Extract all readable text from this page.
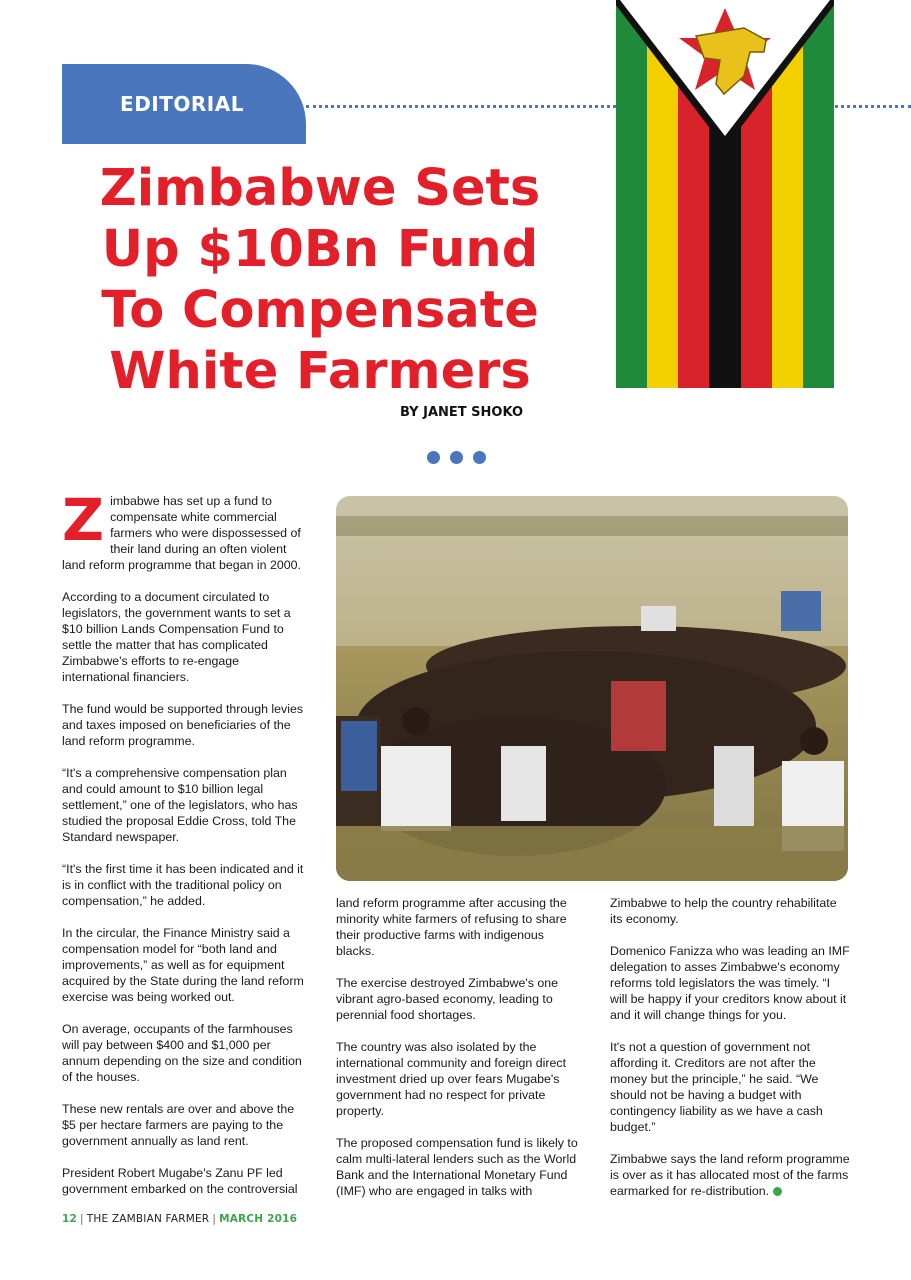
EDITORIAL
Zimbabwe Sets Up $10Bn Fund To Compensate White Farmers
BY JANET SHOKO

Zimbabwe has set up a fund to compensate white commercial farmers who were dispossessed of their land during an often violent land reform programme that began in 2000.

According to a document circulated to legislators, the government wants to set a $10 billion Lands Compensation Fund to settle the matter that has complicated Zimbabwe's efforts to re-engage international financiers.

The fund would be supported through levies and taxes imposed on beneficiaries of the land reform programme.

“It's a comprehensive compensation plan and could amount to $10 billion legal settlement,” one of the legislators, who has studied the proposal Eddie Cross, told The Standard newspaper.

“It's the first time it has been indicated and it is in conflict with the traditional policy on compensation,” he added.

In the circular, the Finance Ministry said a compensation model for “both land and improvements,” as well as for equipment acquired by the State during the land reform exercise was being worked out.

On average, occupants of the farmhouses will pay between $400 and $1,000 per annum depending on the size and condition of the houses.

These new rentals are over and above the $5 per hectare farmers are paying to the government annually as land rent.

President Robert Mugabe's Zanu PF led government embarked on the controversial

land reform programme after accusing the minority white farmers of refusing to share their productive farms with indigenous blacks.

The exercise destroyed Zimbabwe's one vibrant agro-based economy, leading to perennial food shortages.

The country was also isolated by the international community and foreign direct investment dried up over fears Mugabe's government had no respect for private property.

The proposed compensation fund is likely to calm multi-lateral lenders such as the World Bank and the International Monetary Fund (IMF) who are engaged in talks with

Zimbabwe to help the country rehabilitate its economy.

Domenico Fanizza who was leading an IMF delegation to asses Zimbabwe's economy reforms told legislators the was timely. “I will be happy if your creditors know about it and it will change things for you.

It's not a question of government not affording it. Creditors are not after the money but the principle,” he said. “We should not be having a budget with contingency liability as we have a cash budget.”

Zimbabwe says the land reform programme is over as it has allocated most of the farms earmarked for re-distribution.

12 | THE ZAMBIAN FARMER | MARCH 2016
